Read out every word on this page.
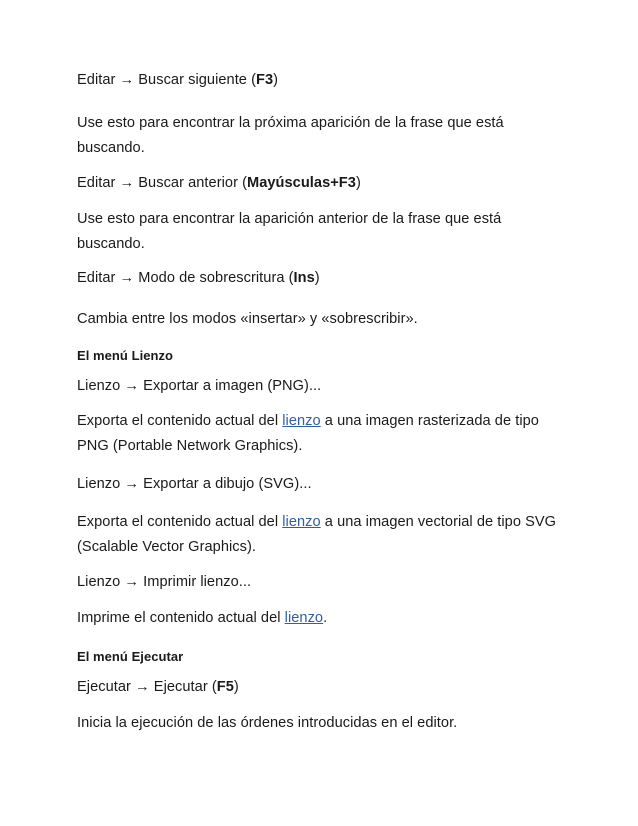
Editar → Buscar siguiente (F3)
Use esto para encontrar la próxima aparición de la frase que está
buscando.
Editar → Buscar anterior (Mayúsculas+F3)
Use esto para encontrar la aparición anterior de la frase que está
buscando.
Editar → Modo de sobrescritura (Ins)
Cambia entre los modos «insertar» y «sobrescribir».
El menú Lienzo
Lienzo → Exportar a imagen (PNG)...
Exporta el contenido actual del lienzo a una imagen rasterizada de tipo
PNG (Portable Network Graphics).
Lienzo → Exportar a dibujo (SVG)...
Exporta el contenido actual del lienzo a una imagen vectorial de tipo SVG
(Scalable Vector Graphics).
Lienzo → Imprimir lienzo...
Imprime el contenido actual del lienzo.
El menú Ejecutar
Ejecutar → Ejecutar (F5)
Inicia la ejecución de las órdenes introducidas en el editor.
